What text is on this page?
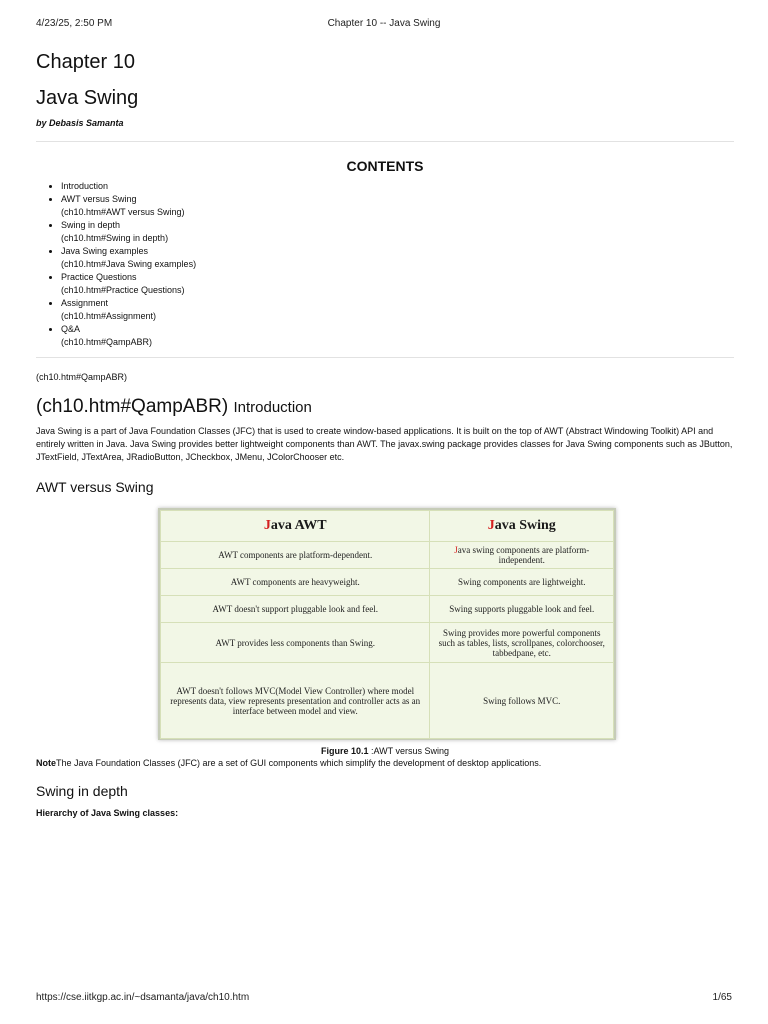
4/23/25, 2:50 PM	Chapter 10 -- Java Swing
Chapter 10
Java Swing
by Debasis Samanta
CONTENTS
• Introduction
• AWT versus Swing
(ch10.htm#AWT versus Swing)
• Swing in depth
(ch10.htm#Swing in depth)
• Java Swing examples
(ch10.htm#Java Swing examples)
• Practice Questions
(ch10.htm#Practice Questions)
• Assignment
(ch10.htm#Assignment)
• Q&A
(ch10.htm#QampABR)
(ch10.htm#QampABR)
(ch10.htm#QampABR) Introduction

Java Swing is a part of Java Foundation Classes (JFC) that is used to create window-based applications. It is built on the top of AWT (Abstract Windowing Toolkit) API and entirely written in Java. Java Swing provides better lightweight components than AWT. The javax.swing package provides classes for Java Swing components such as JButton, JTextField, JTextArea, JRadioButton, JCheckbox, JMenu, JColorChooser etc.

AWT versus Swing
Java AWT	Java Swing
AWT components are platform-dependent.	Java swing components are platform-independent.
AWT components are heavyweight.	Swing components are lightweight.
AWT doesn't support pluggable look and feel.	Swing supports pluggable look and feel.
AWT provides less components than Swing.	Swing provides more powerful components such as tables, lists, scrollpanes, colorchooser, tabbedpane, etc.
AWT doesn't follows MVC(Model View Controller) where model represents data, view represents presentation and controller acts as an interface between model and view.	Swing follows MVC.
Figure 10.1 :AWT versus Swing
NoteThe Java Foundation Classes (JFC) are a set of GUI components which simplify the development of desktop applications.
Swing in depth
Hierarchy of Java Swing classes:
https://cse.iitkgp.ac.in/~dsamanta/java/ch10.htm	1/65
